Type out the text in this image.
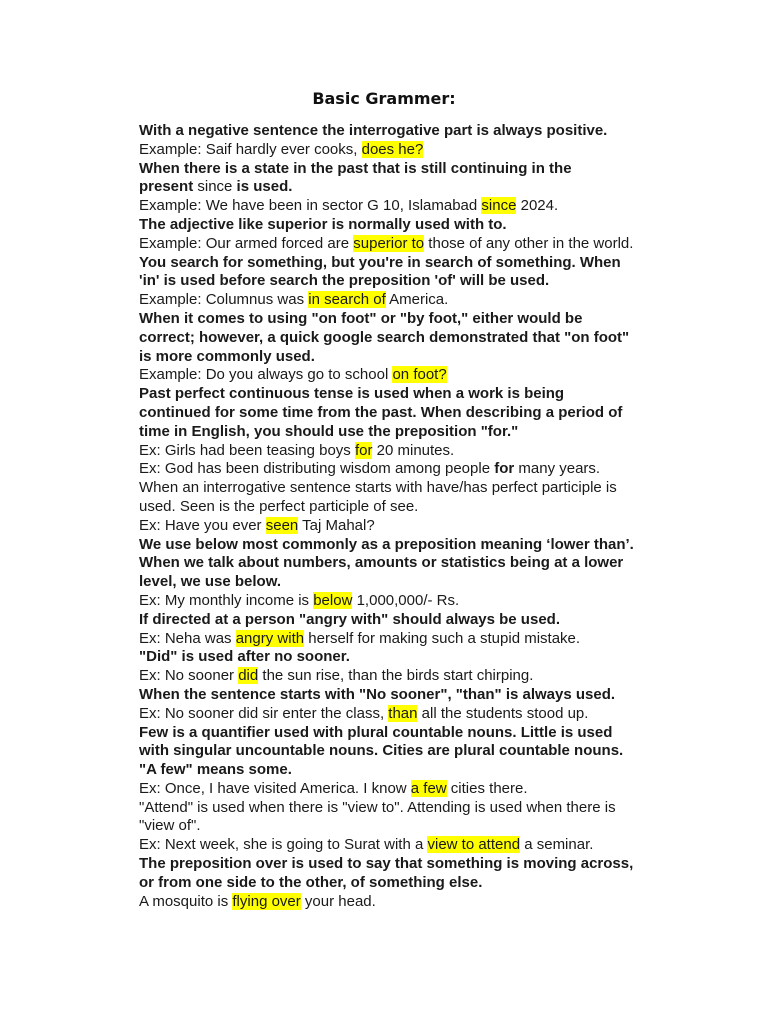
Basic Grammer:
With a negative sentence the interrogative part is always positive.
Example: Saif hardly ever cooks, does he?
When there is a state in the past that is still continuing in the
present since is used.
Example: We have been in sector G 10, Islamabad since 2024.
The adjective like superior is normally used with to.
Example: Our armed forced are superior to those of any other in the world.
You search for something, but you're in search of something. When
'in' is used before search the preposition 'of' will be used.
Example: Columnus was in search of America.
When it comes to using "on foot" or "by foot," either would be
correct; however, a quick google search demonstrated that "on foot"
is more commonly used.
Example: Do you always go to school on foot?
Past perfect continuous tense is used when a work is being
continued for some time from the past. When describing a period of
time in English, you should use the preposition "for."
Ex: Girls had been teasing boys for 20 minutes.
Ex: God has been distributing wisdom among people for many years.
When an interrogative sentence starts with have/has perfect participle is
used. Seen is the perfect participle of see.
Ex: Have you ever seen Taj Mahal?
We use below most commonly as a preposition meaning ‘lower than’.
When we talk about numbers, amounts or statistics being at a lower
level, we use below.
Ex: My monthly income is below 1,000,000/- Rs.
If directed at a person "angry with" should always be used.
Ex: Neha was angry with herself for making such a stupid mistake.
"Did" is used after no sooner.
Ex: No sooner did the sun rise, than the birds start chirping.
When the sentence starts with "No sooner", "than" is always used.
Ex: No sooner did sir enter the class, than all the students stood up.
Few is a quantifier used with plural countable nouns. Little is used
with singular uncountable nouns. Cities are plural countable nouns.
"A few" means some.
Ex: Once, I have visited America. I know a few cities there.
"Attend" is used when there is "view to". Attending is used when there is
"view of".
Ex: Next week, she is going to Surat with a view to attend a seminar.
The preposition over is used to say that something is moving across,
or from one side to the other, of something else.
A mosquito is flying over your head.
